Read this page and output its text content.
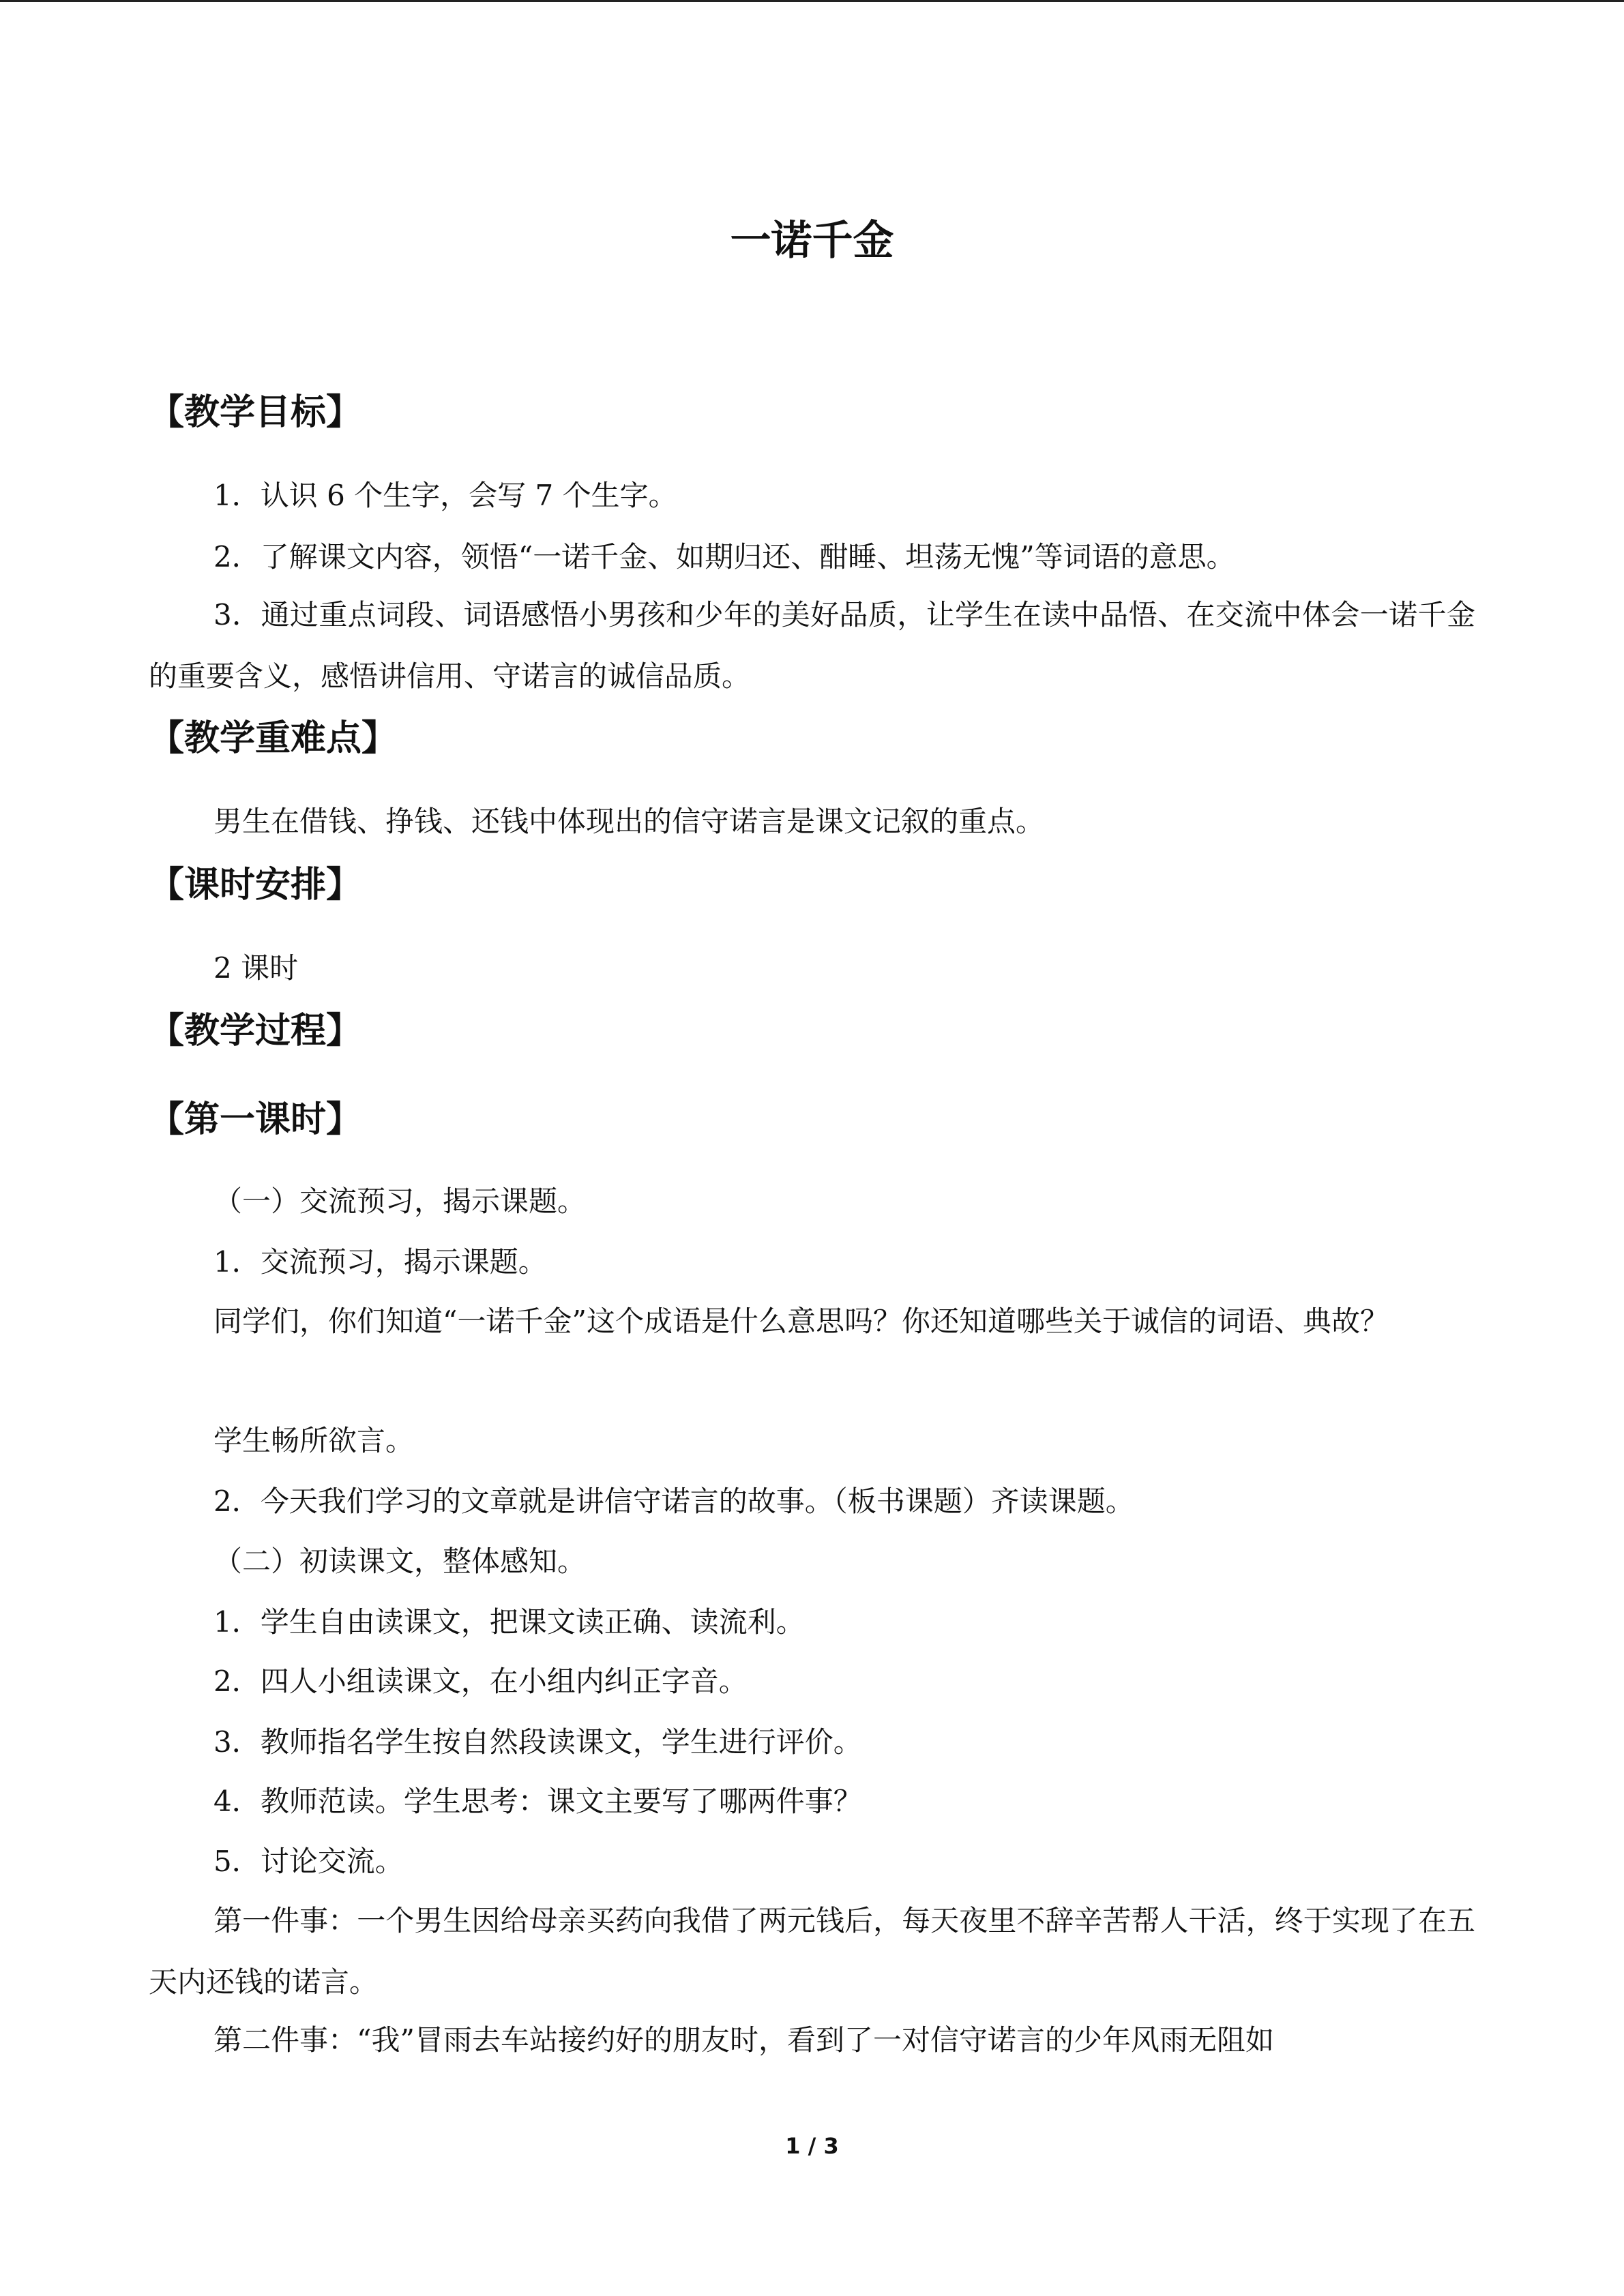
一诺千金
【教学目标】
1．认识 6 个生字，会写 7 个生字。
2．了解课文内容，领悟“一诺千金、如期归还、酣睡、坦荡无愧”等词语的意思。
3．通过重点词段、词语感悟小男孩和少年的美好品质，让学生在读中品悟、在交流中体会一诺千金的重要含义，感悟讲信用、守诺言的诚信品质。
【教学重难点】
男生在借钱、挣钱、还钱中体现出的信守诺言是课文记叙的重点。
【课时安排】
2 课时
【教学过程】
【第一课时】
（一）交流预习，揭示课题。
1．交流预习，揭示课题。
同学们，你们知道“一诺千金”这个成语是什么意思吗？你还知道哪些关于诚信的词语、典故？
学生畅所欲言。
2．今天我们学习的文章就是讲信守诺言的故事。（板书课题）齐读课题。
（二）初读课文，整体感知。
1．学生自由读课文，把课文读正确、读流利。
2．四人小组读课文，在小组内纠正字音。
3．教师指名学生按自然段读课文，学生进行评价。
4．教师范读。学生思考：课文主要写了哪两件事？
5．讨论交流。
第一件事：一个男生因给母亲买药向我借了两元钱后，每天夜里不辞辛苦帮人干活，终于实现了在五天内还钱的诺言。
第二件事：“我”冒雨去车站接约好的朋友时，看到了一对信守诺言的少年风雨无阻如
1 / 3
